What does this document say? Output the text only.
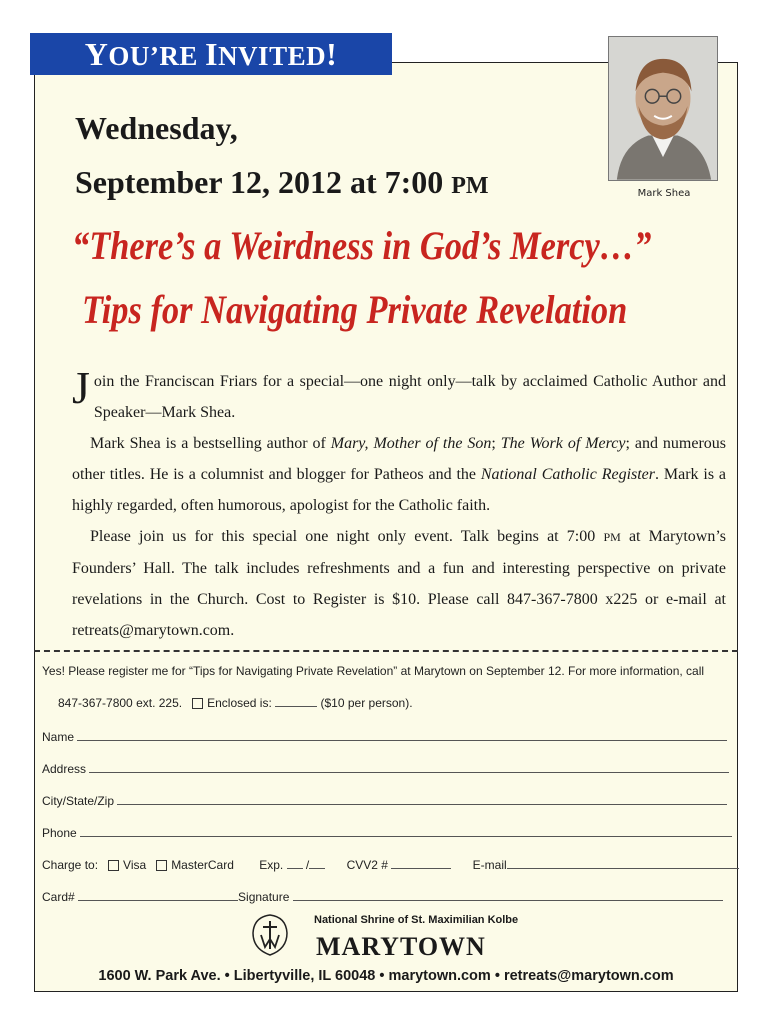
YOU’RE INVITED!
Mark Shea
Wednesday,
September 12, 2012 at 7:00 PM
“There’s a Weirdness in God’s Mercy…”
Tips for Navigating Private Revelation

Join the Franciscan Friars for a special—one night only—talk by acclaimed Catholic Author and Speaker—Mark Shea.

Mark Shea is a bestselling author of Mary, Mother of the Son; The Work of Mercy; and numerous other titles. He is a columnist and blogger for Patheos and the National Catholic Register. Mark is a highly regarded, often humorous, apologist for the Catholic faith.

Please join us for this special one night only event. Talk begins at 7:00 PM at Marytown’s Founders’ Hall. The talk includes refreshments and a fun and interesting perspective on private revelations in the Church. Cost to Register is $10. Please call 847-367-7800 x225 or e-mail at retreats@marytown.com.

Yes! Please register me for “Tips for Navigating Private Revelation” at Marytown on September 12. For more information, call
847-367-7800 ext. 225. Enclosed is:	($10 per person).
Name
Address
City/State/Zip
Phone
Charge to: Visa MasterCard Exp. /	CVV2 #	E-mail
Card#	Signature
National Shrine of St. Maximilian Kolbe
MARYTOWN
1600 W. Park Ave. • Libertyville, IL 60048 • marytown.com • retreats@marytown.com
